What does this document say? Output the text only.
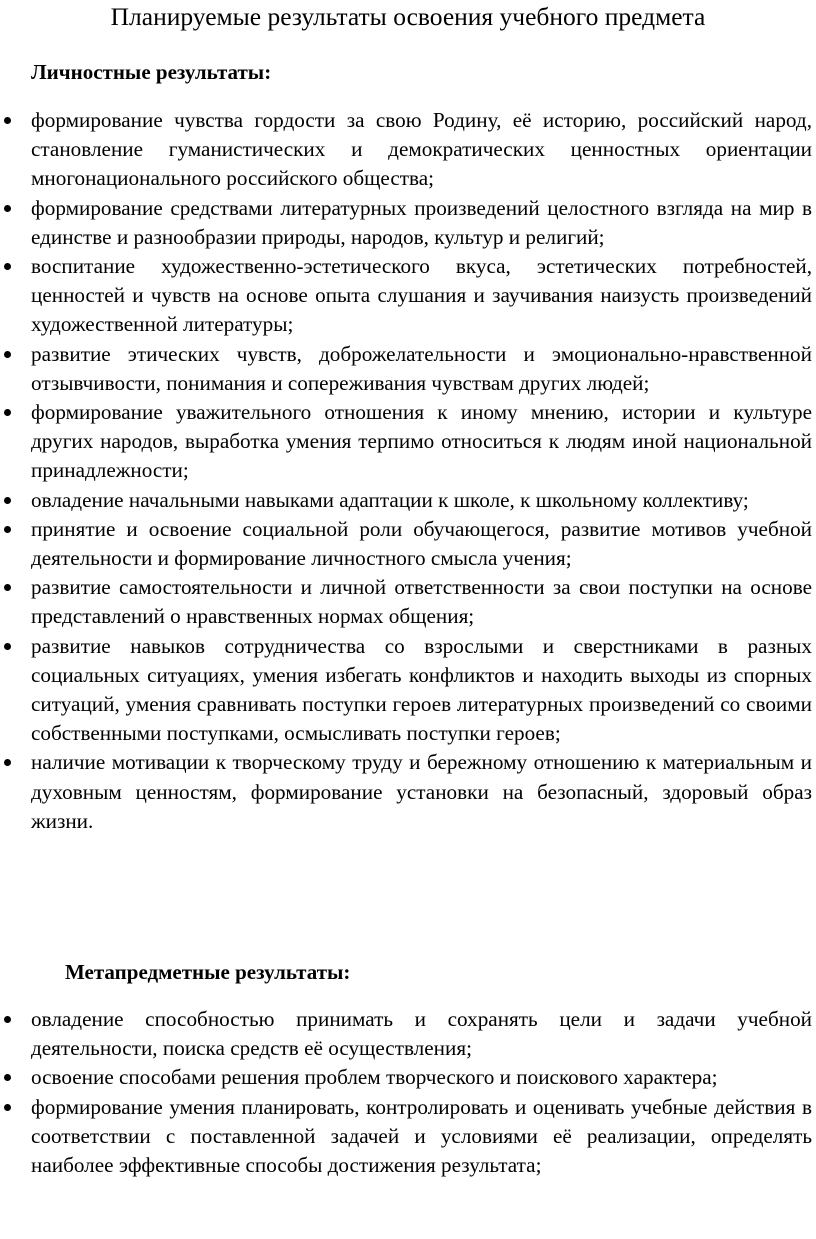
Планируемые результаты освоения учебного предмета
Личностные результаты:
формирование чувства гордости за свою Родину, её историю, российский народ, становление гуманистических и демократических ценностных ориентации многонационального российского общества;
формирование средствами литературных произведений целостного взгляда на мир в единстве и разнообразии природы, народов, культур и религий;
воспитание художественно-эстетического вкуса, эстетических потребностей, ценностей и чувств на основе опыта слушания и заучивания наизусть произведений художественной литературы;
развитие этических чувств, доброжелательности и эмоционально-нравственной отзывчивости, понимания и сопереживания чувствам других людей;
формирование уважительного отношения к иному мнению, истории и культуре других народов, выработка умения терпимо относиться к людям иной национальной принадлежности;
овладение начальными навыками адаптации к школе, к школьному коллективу;
принятие и освоение социальной роли обучающегося, развитие мотивов учебной деятельности и формирование личностного смысла учения;
развитие самостоятельности и личной ответственности за свои поступки на основе представлений о нравственных нормах общения;
развитие навыков сотрудничества со взрослыми и сверстниками в разных социальных ситуациях, умения избегать конфликтов и находить выходы из спорных ситуаций, умения сравнивать поступки героев литературных произведений со своими собственными поступками, осмысливать поступки героев;
наличие мотивации к творческому труду и бережному отношению к материальным и духовным ценностям, формирование установки на безопасный, здоровый образ жизни.
Метапредметные результаты:
овладение способностью принимать и сохранять цели и задачи учебной деятельности, поиска средств её осуществления;
освоение способами решения проблем творческого и поискового характера;
формирование умения планировать, контролировать и оценивать учебные действия в соответствии с поставленной задачей и условиями её реализации, определять наиболее эффективные способы достижения результата;
